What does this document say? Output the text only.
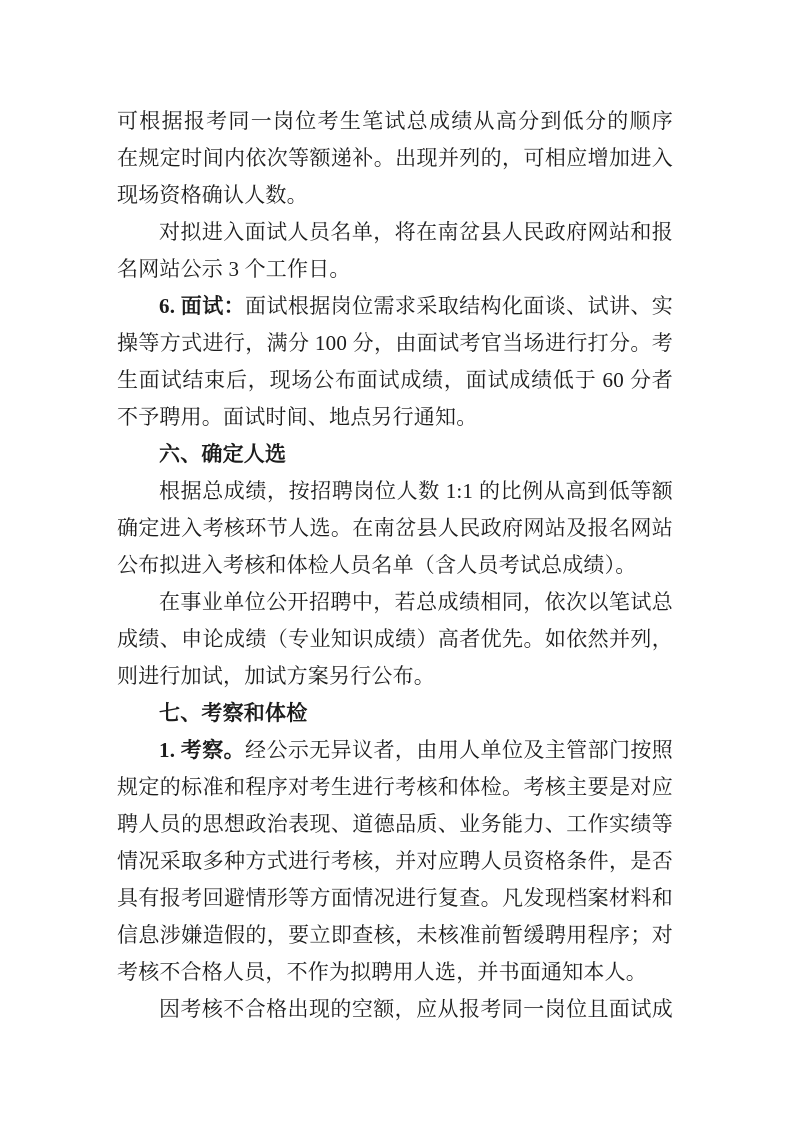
可根据报考同一岗位考生笔试总成绩从高分到低分的顺序
在规定时间内依次等额递补。出现并列的，可相应增加进入
现场资格确认人数。
对拟进入面试人员名单，将在南岔县人民政府网站和报
名网站公示 3 个工作日。
6. 面试：面试根据岗位需求采取结构化面谈、试讲、实
操等方式进行，满分 100 分，由面试考官当场进行打分。考
生面试结束后，现场公布面试成绩，面试成绩低于 60 分者
不予聘用。面试时间、地点另行通知。
六、确定人选
根据总成绩，按招聘岗位人数 1:1 的比例从高到低等额
确定进入考核环节人选。在南岔县人民政府网站及报名网站
公布拟进入考核和体检人员名单（含人员考试总成绩）。
在事业单位公开招聘中，若总成绩相同，依次以笔试总
成绩、申论成绩（专业知识成绩）高者优先。如依然并列，
则进行加试，加试方案另行公布。
七、考察和体检
1. 考察。经公示无异议者，由用人单位及主管部门按照
规定的标准和程序对考生进行考核和体检。考核主要是对应
聘人员的思想政治表现、道德品质、业务能力、工作实绩等
情况采取多种方式进行考核，并对应聘人员资格条件，是否
具有报考回避情形等方面情况进行复查。凡发现档案材料和
信息涉嫌造假的，要立即查核，未核准前暂缓聘用程序；对
考核不合格人员，不作为拟聘用人选，并书面通知本人。
因考核不合格出现的空额，应从报考同一岗位且面试成
